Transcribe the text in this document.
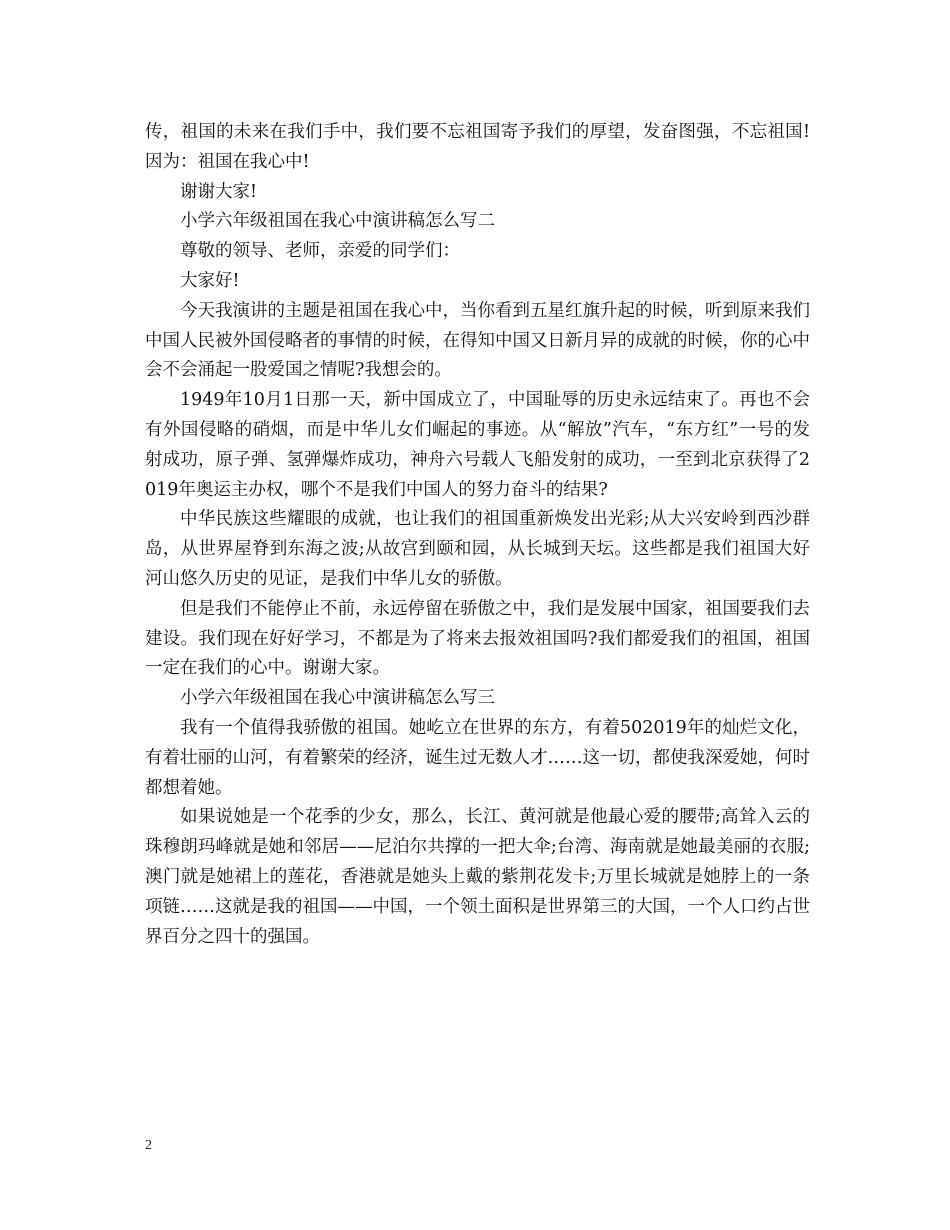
传，祖国的未来在我们手中，我们要不忘祖国寄予我们的厚望，发奋图强，不忘祖国!因为：祖国在我心中!

谢谢大家!

小学六年级祖国在我心中演讲稿怎么写二

尊敬的领导、老师，亲爱的同学们：

大家好!

今天我演讲的主题是祖国在我心中，当你看到五星红旗升起的时候，听到原来我们中国人民被外国侵略者的事情的时候，在得知中国又日新月异的成就的时候，你的心中会不会涌起一股爱国之情呢?我想会的。

1949年10月1日那一天，新中国成立了，中国耻辱的历史永远结束了。再也不会有外国侵略的硝烟，而是中华儿女们崛起的事迹。从“解放”汽车，“东方红”一号的发射成功，原子弹、氢弹爆炸成功，神舟六号载人飞船发射的成功，一至到北京获得了2019年奥运主办权，哪个不是我们中国人的努力奋斗的结果?

中华民族这些耀眼的成就，也让我们的祖国重新焕发出光彩;从大兴安岭到西沙群岛，从世界屋脊到东海之波;从故宫到颐和园，从长城到天坛。这些都是我们祖国大好河山悠久历史的见证，是我们中华儿女的骄傲。

但是我们不能停止不前，永远停留在骄傲之中，我们是发展中国家，祖国要我们去建设。我们现在好好学习，不都是为了将来去报效祖国吗?我们都爱我们的祖国，祖国一定在我们的心中。谢谢大家。

小学六年级祖国在我心中演讲稿怎么写三

我有一个值得我骄傲的祖国。她屹立在世界的东方，有着502019年的灿烂文化，有着壮丽的山河，有着繁荣的经济，诞生过无数人才……这一切，都使我深爱她，何时都想着她。

如果说她是一个花季的少女，那么，长江、黄河就是他最心爱的腰带;高耸入云的珠穆朗玛峰就是她和邻居——尼泊尔共撑的一把大伞;台湾、海南就是她最美丽的衣服;澳门就是她裙上的莲花，香港就是她头上戴的紫荆花发卡;万里长城就是她脖上的一条项链……这就是我的祖国——中国，一个领土面积是世界第三的大国，一个人口约占世界百分之四十的强国。

2
